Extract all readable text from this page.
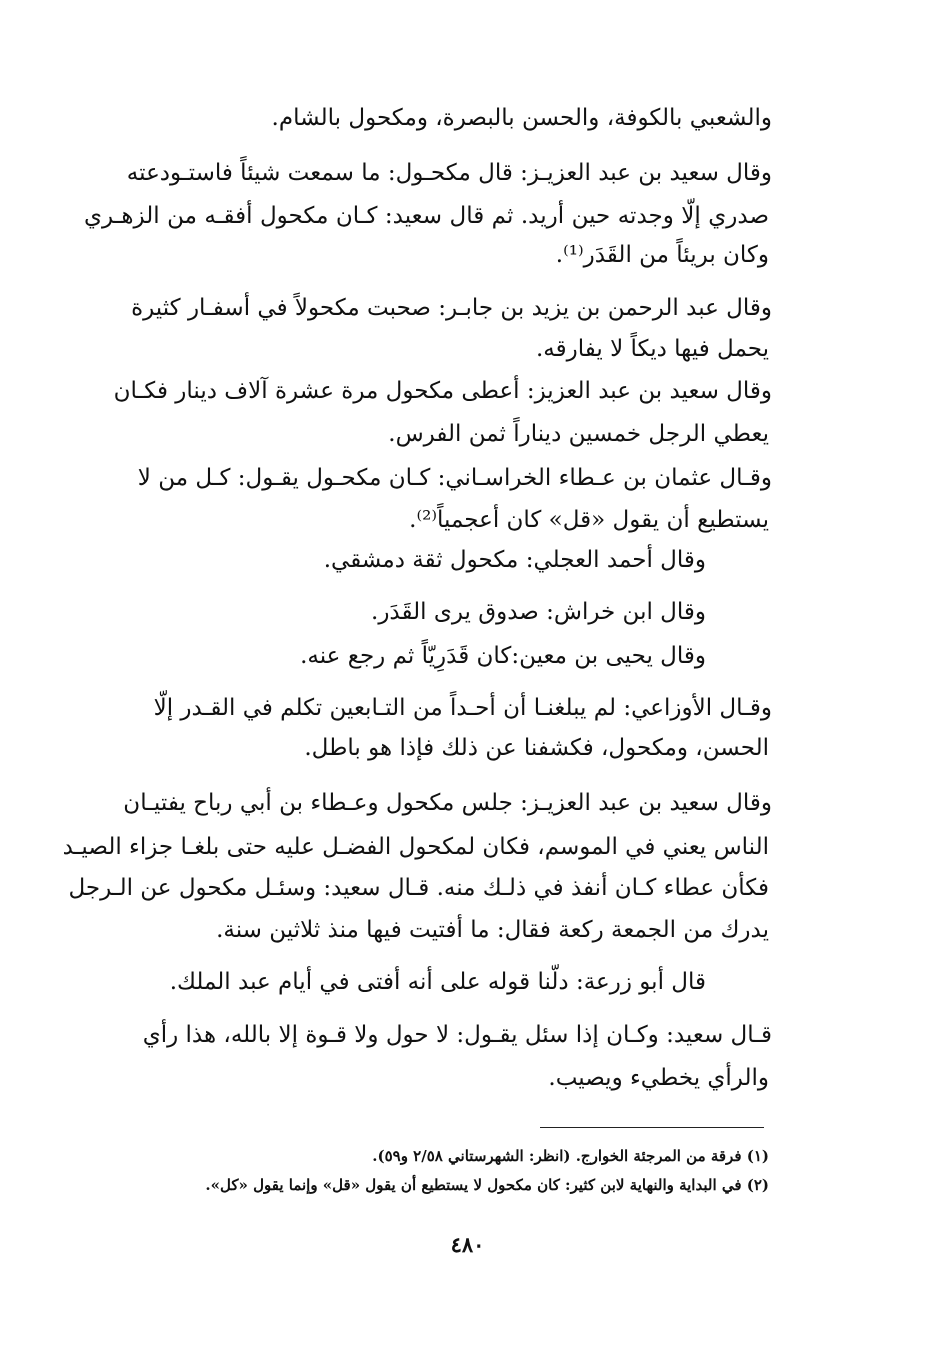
والشعبي بالكوفة، والحسن بالبصرة، ومكحول بالشام.
وقال سعيد بن عبد العزيـز: قال مكحـول: ما سمعت شيئاً فاستـودعته
صدري إلّا وجدته حين أريد. ثم قال سعيد: كـان مكحول أفقـه من الزهـري
وكان بريئاً من القَدَر⁽¹⁾.
وقال عبد الرحمن بن يزيد بن جابـر: صحبت مكحولاً في أسفـار كثيرة
يحمل فيها ديكاً لا يفارقه.
وقال سعيد بن عبد العزيز: أعطى مكحول مرة عشرة آلاف دينار فكـان
يعطي الرجل خمسين ديناراً ثمن الفرس.
وقـال عثمان بن عـطاء الخراسـاني: كـان مكحـول يقـول: كـل من لا
يستطيع أن يقول «قل» كان أعجمياً⁽²⁾.
وقال أحمد العجلي: مكحول ثقة دمشقي.
وقال ابن خراش: صدوق يرى القَدَر.
وقال يحيى بن معين:كان قَدَرِيّاً ثم رجع عنه.
وقـال الأوزاعي: لم يبلغنـا أن أحـداً من التـابعين تكلم في القـدر إلّا
الحسن، ومكحول، فكشفنا عن ذلك فإذا هو باطل.
وقال سعيد بن عبد العزيـز: جلس مكحول وعـطاء بن أبي رباح يفتيـان
الناس يعني في الموسم، فكان لمكحول الفضـل عليه حتى بلغـا جزاء الصيـد
فكأن عطاء كـان أنفذ في ذلـك منه. قـال سعيد: وسئـل مكحول عن الـرجل
يدرك من الجمعة ركعة فقال: ما أفتيت فيها منذ ثلاثين سنة.
قال أبو زرعة: دلّنا قوله على أنه أفتى في أيام عبد الملك.
قـال سعيد: وكـان إذا سئل يقـول: لا حول ولا قـوة إلا بالله، هذا رأي
والرأي يخطيء ويصيب.
(١) فرقة من المرجئة الخوارج. (انظر: الشهرستاني ٢/٥٨ و٥٩).
(٢) في البداية والنهاية لابن كثير: كان مكحول لا يستطيع أن يقول «قل» وإنما يقول «كل».
٤٨٠
